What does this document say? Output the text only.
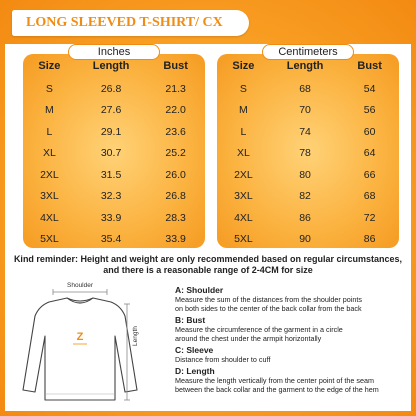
LONG SLEEVED T-SHIRT/ CX
Size	Length	Bust
S	26.8	21.3
M	27.6	22.0
L	29.1	23.6
XL	30.7	25.2
2XL	31.5	26.0
3XL	32.3	26.8
4XL	33.9	28.3
5XL	35.4	33.9
Inches
Size	Length	Bust
S	68	54
M	70	56
L	74	60
XL	78	64
2XL	80	66
3XL	82	68
4XL	86	72
5XL	90	86
Centimeters
Kind reminder: Height and weight are only recommended based on regular circumstances,
and there is a reasonable range of 2-4CM for size
Z
Shoulder
Length
A: Shoulder
Measure the sum of the distances from the shoulder points
on both sides to the center of the back collar from the back
B: Bust
Measure the circumference of the garment in a circle
around the chest under the armpit horizontally
C: Sleeve
Distance from shoulder to cuff
D: Length
Measure the length vertically from the center point of the seam
between the back collar and the garment to the edge of the hem
